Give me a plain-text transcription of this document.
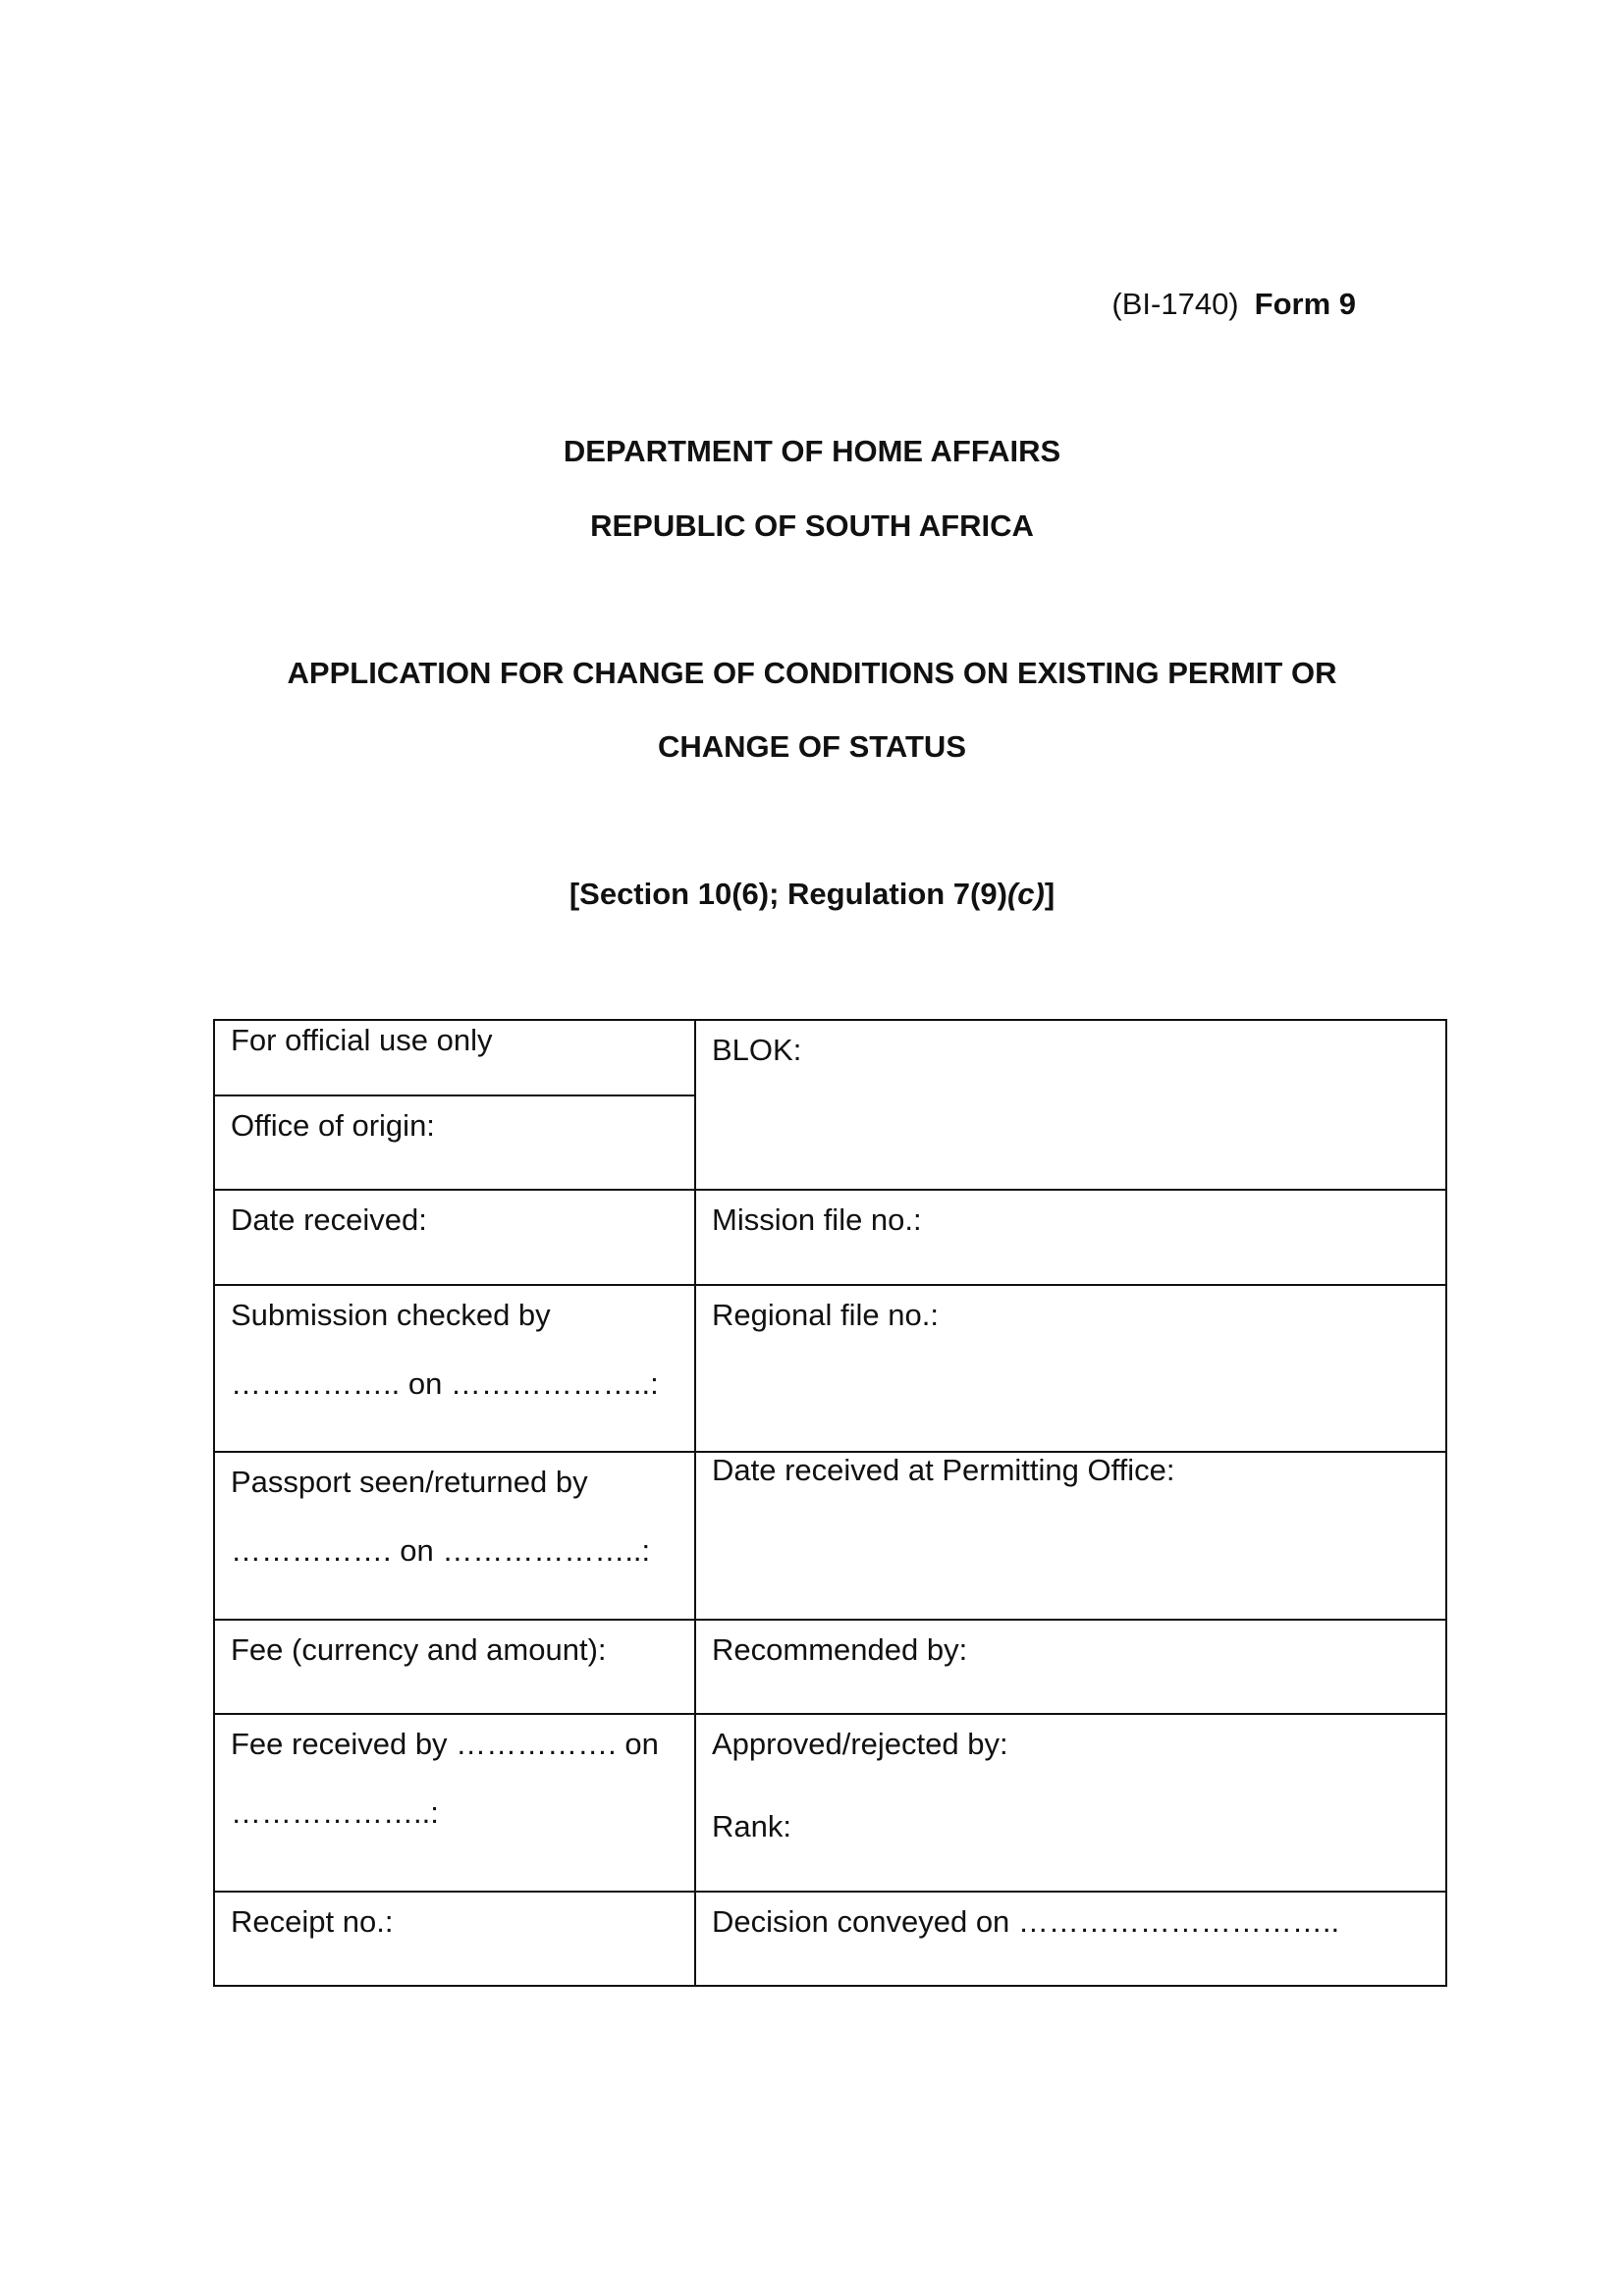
(BI-1740) Form 9
DEPARTMENT OF HOME AFFAIRS
REPUBLIC OF SOUTH AFRICA
APPLICATION FOR CHANGE OF CONDITIONS ON EXISTING PERMIT OR
CHANGE OF STATUS
[Section 10(6); Regulation 7(9)(c)]
For official use only	BLOK:
Office of origin:	
Date received:	Mission file no.:

Submission checked by
…………….. on ………………..:	Regional file no.:

Passport seen/returned by
……………. on ………………..:	Date received at Permitting Office:
Fee (currency and amount):	Recommended by:

Fee received by ……………. on
………………..:	Approved/rejected by:
Rank:

Receipt no.:	Decision conveyed on …………………………..
